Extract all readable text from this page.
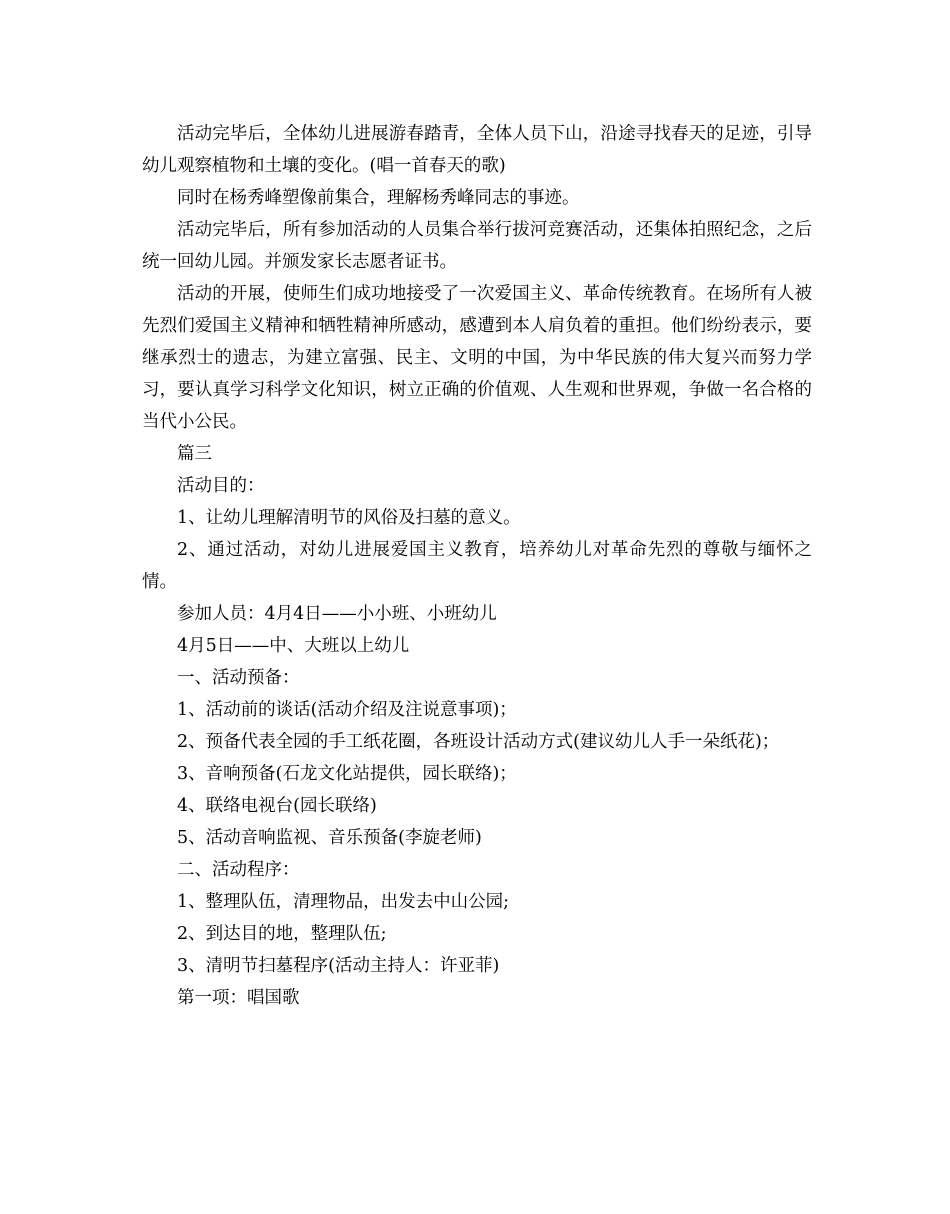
活动完毕后，全体幼儿进展游春踏青，全体人员下山，沿途寻找春天的足迹，引导幼儿观察植物和土壤的变化。(唱一首春天的歌)

同时在杨秀峰塑像前集合，理解杨秀峰同志的事迹。

活动完毕后，所有参加活动的人员集合举行拔河竞赛活动，还集体拍照纪念，之后统一回幼儿园。并颁发家长志愿者证书。

活动的开展，使师生们成功地接受了一次爱国主义、革命传统教育。在场所有人被先烈们爱国主义精神和牺牲精神所感动，感遭到本人肩负着的重担。他们纷纷表示，要继承烈士的遗志，为建立富强、民主、文明的中国，为中华民族的伟大复兴而努力学习，要认真学习科学文化知识，树立正确的价值观、人生观和世界观，争做一名合格的当代小公民。

篇三

活动目的：

1、让幼儿理解清明节的风俗及扫墓的意义。

2、通过活动，对幼儿进展爱国主义教育，培养幼儿对革命先烈的尊敬与缅怀之情。

参加人员：4月4日——小小班、小班幼儿

4月5日——中、大班以上幼儿

一、活动预备：

1、活动前的谈话(活动介绍及注说意事项)；

2、预备代表全园的手工纸花圈，各班设计活动方式(建议幼儿人手一朵纸花)；

3、音响预备(石龙文化站提供，园长联络)；

4、联络电视台(园长联络)

5、活动音响监视、音乐预备(李旋老师)

二、活动程序：

1、整理队伍，清理物品，出发去中山公园;

2、到达目的地，整理队伍;

3、清明节扫墓程序(活动主持人：许亚菲)

第一项：唱国歌
